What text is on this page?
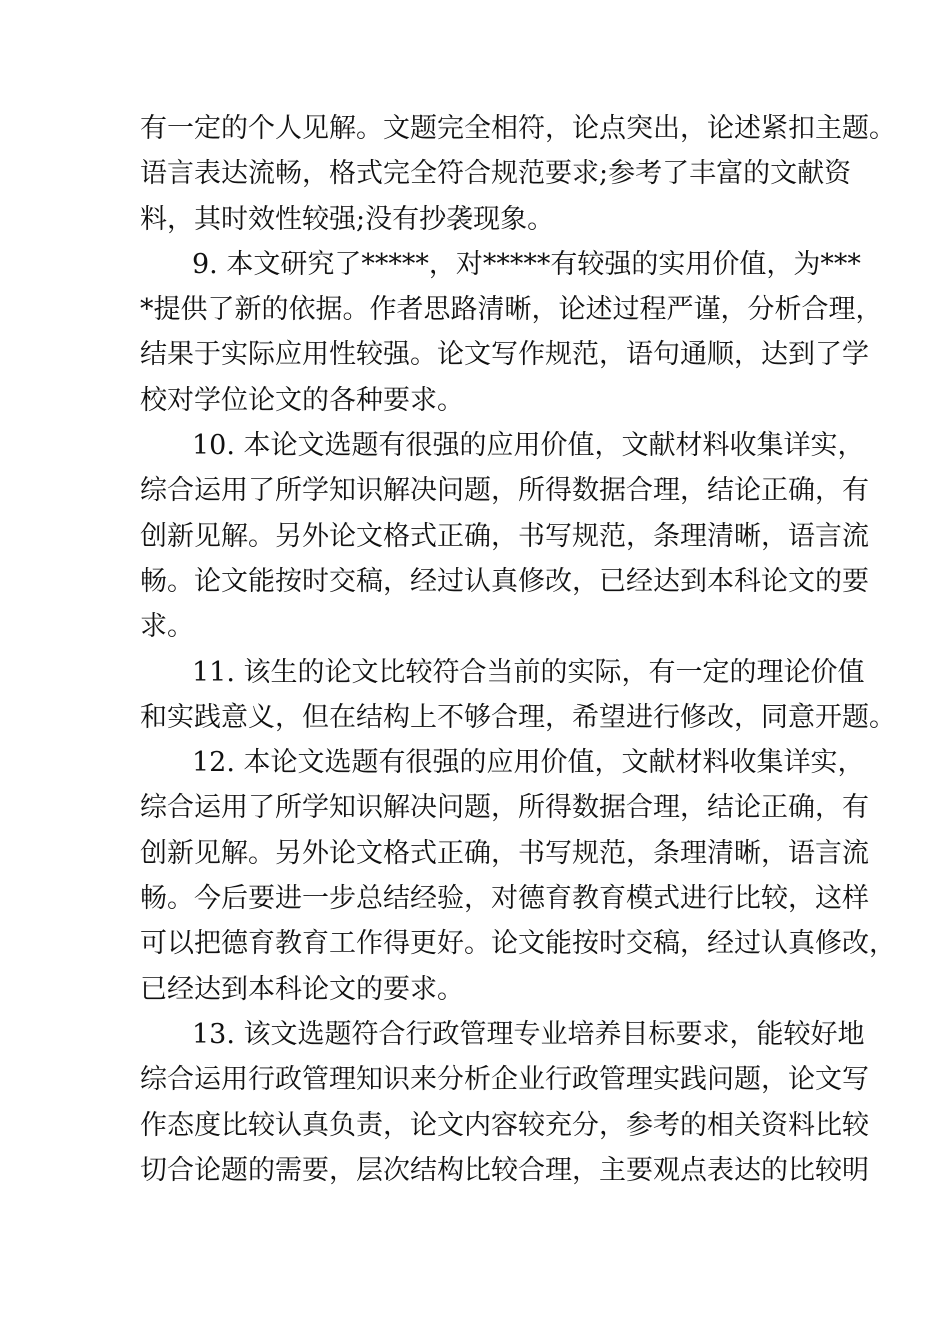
有一定的个人见解。文题完全相符，论点突出，论述紧扣主题。
语言表达流畅，格式完全符合规范要求;参考了丰富的文献资
料，其时效性较强;没有抄袭现象。
9. 本文研究了*****，对*****有较强的实用价值，为***
*提供了新的依据。作者思路清晰，论述过程严谨，分析合理，
结果于实际应用性较强。论文写作规范，语句通顺，达到了学
校对学位论文的各种要求。
10. 本论文选题有很强的应用价值，文献材料收集详实，
综合运用了所学知识解决问题，所得数据合理，结论正确，有
创新见解。另外论文格式正确，书写规范，条理清晰，语言流
畅。论文能按时交稿，经过认真修改，已经达到本科论文的要
求。
11. 该生的论文比较符合当前的实际，有一定的理论价值
和实践意义，但在结构上不够合理，希望进行修改，同意开题。
12. 本论文选题有很强的应用价值，文献材料收集详实，
综合运用了所学知识解决问题，所得数据合理，结论正确，有
创新见解。另外论文格式正确，书写规范，条理清晰，语言流
畅。今后要进一步总结经验，对德育教育模式进行比较，这样
可以把德育教育工作得更好。论文能按时交稿，经过认真修改，
已经达到本科论文的要求。
13. 该文选题符合行政管理专业培养目标要求，能较好地
综合运用行政管理知识来分析企业行政管理实践问题，论文写
作态度比较认真负责，论文内容较充分，参考的相关资料比较
切合论题的需要，层次结构比较合理，主要观点表达的比较明
